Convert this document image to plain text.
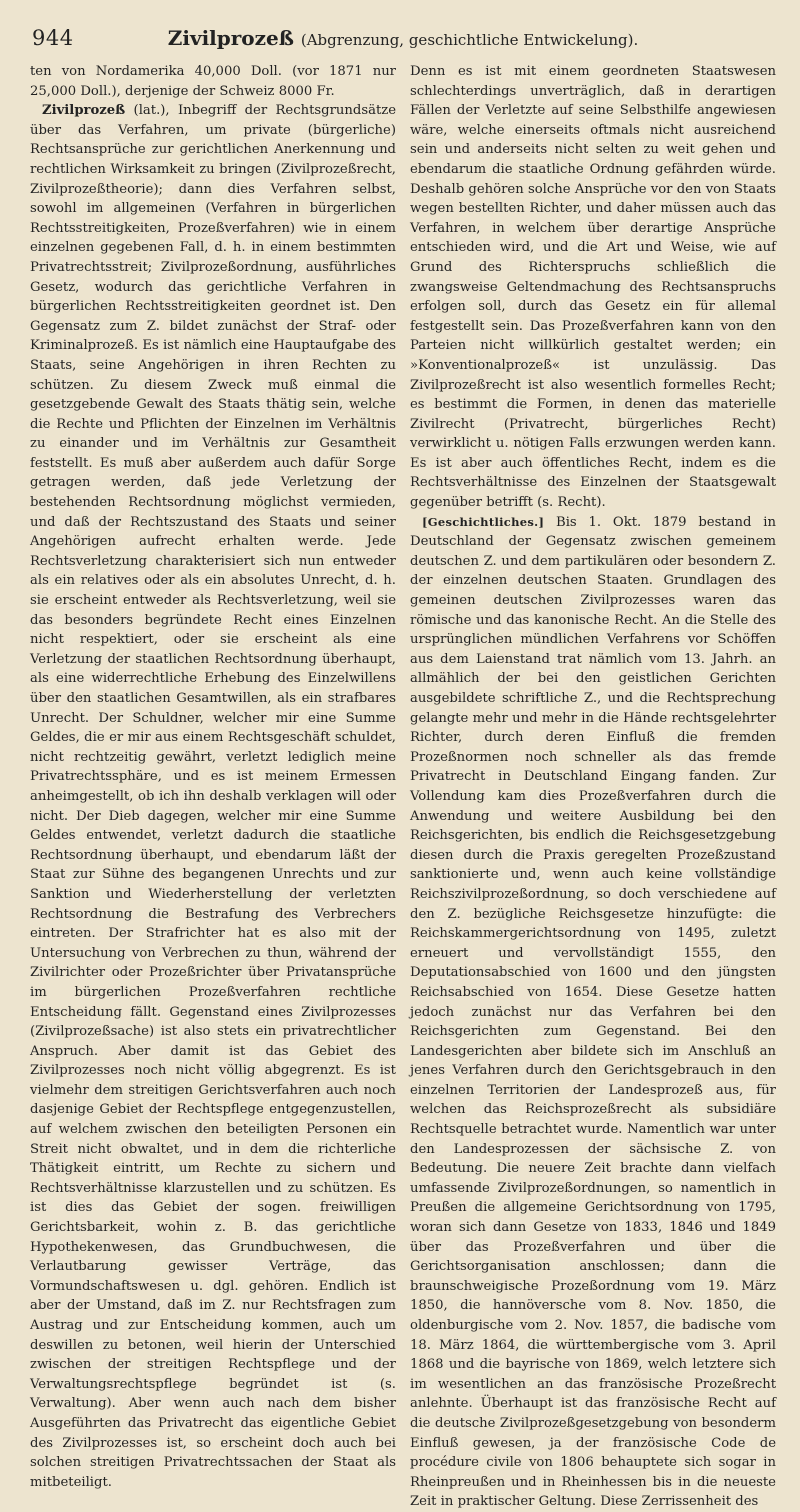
944	Zivilprozeß (Abgrenzung, geschichtliche Entwickelung).

ten von Nordamerika 40,000 Doll. (vor 1871 nur 25,000 Doll.), derjenige der Schweiz 8000 Fr.

Zivilprozeß (lat.), Inbegriff der Rechtsgrundsätze über das Verfahren, um private (bürgerliche) Rechtsansprüche zur gerichtlichen Anerkennung und rechtlichen Wirksamkeit zu bringen (Zivilprozeßrecht, Zivilprozeßtheorie); dann dies Verfahren selbst, sowohl im allgemeinen (Verfahren in bürgerlichen Rechtsstreitigkeiten, Prozeßverfahren) wie in einem einzelnen gegebenen Fall, d. h. in einem bestimmten Privatrechtsstreit; Zivilprozeßordnung, ausführliches Gesetz, wodurch das gerichtliche Verfahren in bürgerlichen Rechtsstreitigkeiten geordnet ist. Den Gegensatz zum Z. bildet zunächst der Straf- oder Kriminalprozeß. Es ist nämlich eine Hauptaufgabe des Staats, seine Angehörigen in ihren Rechten zu schützen. Zu diesem Zweck muß einmal die gesetzgebende Gewalt des Staats thätig sein, welche die Rechte und Pflichten der Einzelnen im Verhältnis zu einander und im Verhältnis zur Gesamtheit feststellt. Es muß aber außerdem auch dafür Sorge getragen werden, daß jede Verletzung der bestehenden Rechtsordnung möglichst vermieden, und daß der Rechtszustand des Staats und seiner Angehörigen aufrecht erhalten werde. Jede Rechtsverletzung charakterisiert sich nun entweder als ein relatives oder als ein absolutes Unrecht, d. h. sie erscheint entweder als Rechtsverletzung, weil sie das besonders begründete Recht eines Einzelnen nicht respektiert, oder sie erscheint als eine Verletzung der staatlichen Rechtsordnung überhaupt, als eine widerrechtliche Erhebung des Einzelwillens über den staatlichen Gesamtwillen, als ein strafbares Unrecht. Der Schuldner, welcher mir eine Summe Geldes, die er mir aus einem Rechtsgeschäft schuldet, nicht rechtzeitig gewährt, verletzt lediglich meine Privatrechtssphäre, und es ist meinem Ermessen anheimgestellt, ob ich ihn deshalb verklagen will oder nicht. Der Dieb dagegen, welcher mir eine Summe Geldes entwendet, verletzt dadurch die staatliche Rechtsordnung überhaupt, und ebendarum läßt der Staat zur Sühne des begangenen Unrechts und zur Sanktion und Wiederherstellung der verletzten Rechtsordnung die Bestrafung des Verbrechers eintreten. Der Strafrichter hat es also mit der Untersuchung von Verbrechen zu thun, während der Zivilrichter oder Prozeßrichter über Privatansprüche im bürgerlichen Prozeßverfahren rechtliche Entscheidung fällt. Gegenstand eines Zivilprozesses (Zivilprozeßsache) ist also stets ein privatrechtlicher Anspruch. Aber damit ist das Gebiet des Zivilprozesses noch nicht völlig abgegrenzt. Es ist vielmehr dem streitigen Gerichtsverfahren auch noch dasjenige Gebiet der Rechtspflege entgegenzustellen, auf welchem zwischen den beteiligten Personen ein Streit nicht obwaltet, und in dem die richterliche Thätigkeit eintritt, um Rechte zu sichern und Rechtsverhältnisse klarzustellen und zu schützen. Es ist dies das Gebiet der sogen. freiwilligen Gerichtsbarkeit, wohin z. B. das gerichtliche Hypothekenwesen, das Grundbuchwesen, die Verlautbarung gewisser Verträge, das Vormundschaftswesen u. dgl. gehören. Endlich ist aber der Umstand, daß im Z. nur Rechtsfragen zum Austrag und zur Entscheidung kommen, auch um deswillen zu betonen, weil hierin der Unterschied zwischen der streitigen Rechtspflege und der Verwaltungsrechtspflege begründet ist (s. Verwaltung). Aber wenn auch nach dem bisher Ausgeführten das Privatrecht das eigentliche Gebiet des Zivilprozesses ist, so erscheint doch auch bei solchen streitigen Privatrechtssachen der Staat als mitbeteiligt.

Denn es ist mit einem geordneten Staatswesen schlechterdings unverträglich, daß in derartigen Fällen der Verletzte auf seine Selbsthilfe angewiesen wäre, welche einerseits oftmals nicht ausreichend sein und anderseits nicht selten zu weit gehen und ebendarum die staatliche Ordnung gefährden würde. Deshalb gehören solche Ansprüche vor den von Staats wegen bestellten Richter, und daher müssen auch das Verfahren, in welchem über derartige Ansprüche entschieden wird, und die Art und Weise, wie auf Grund des Richterspruchs schließlich die zwangsweise Geltendmachung des Rechtsanspruchs erfolgen soll, durch das Gesetz ein für allemal festgestellt sein. Das Prozeßverfahren kann von den Parteien nicht willkürlich gestaltet werden; ein »Konventionalprozeß« ist unzulässig. Das Zivilprozeßrecht ist also wesentlich formelles Recht; es bestimmt die Formen, in denen das materielle Zivilrecht (Privatrecht, bürgerliches Recht) verwirklicht u. nötigen Falls erzwungen werden kann. Es ist aber auch öffentliches Recht, indem es die Rechtsverhältnisse des Einzelnen der Staatsgewalt gegenüber betrifft (s. Recht).

[Geschichtliches.] Bis 1. Okt. 1879 bestand in Deutschland der Gegensatz zwischen gemeinem deutschen Z. und dem partikulären oder besondern Z. der einzelnen deutschen Staaten. Grundlagen des gemeinen deutschen Zivilprozesses waren das römische und das kanonische Recht. An die Stelle des ursprünglichen mündlichen Verfahrens vor Schöffen aus dem Laienstand trat nämlich vom 13. Jahrh. an allmählich der bei den geistlichen Gerichten ausgebildete schriftliche Z., und die Rechtsprechung gelangte mehr und mehr in die Hände rechtsgelehrter Richter, durch deren Einfluß die fremden Prozeßnormen noch schneller als das fremde Privatrecht in Deutschland Eingang fanden. Zur Vollendung kam dies Prozeßverfahren durch die Anwendung und weitere Ausbildung bei den Reichsgerichten, bis endlich die Reichsgesetzgebung diesen durch die Praxis geregelten Prozeßzustand sanktionierte und, wenn auch keine vollständige Reichszivilprozeßordnung, so doch verschiedene auf den Z. bezügliche Reichsgesetze hinzufügte: die Reichskammergerichtsordnung von 1495, zuletzt erneuert und vervollständigt 1555, den Deputationsabschied von 1600 und den jüngsten Reichsabschied von 1654. Diese Gesetze hatten jedoch zunächst nur das Verfahren bei den Reichsgerichten zum Gegenstand. Bei den Landesgerichten aber bildete sich im Anschluß an jenes Verfahren durch den Gerichtsgebrauch in den einzelnen Territorien der Landesprozeß aus, für welchen das Reichsprozeßrecht als subsidiäre Rechtsquelle betrachtet wurde. Namentlich war unter den Landesprozessen der sächsische Z. von Bedeutung. Die neuere Zeit brachte dann vielfach umfassende Zivilprozeßordnungen, so namentlich in Preußen die allgemeine Gerichtsordnung von 1795, woran sich dann Gesetze von 1833, 1846 und 1849 über das Prozeßverfahren und über die Gerichtsorganisation anschlossen; dann die braunschweigische Prozeßordnung vom 19. März 1850, die hannöversche vom 8. Nov. 1850, die oldenburgische vom 2. Nov. 1857, die badische vom 18. März 1864, die württembergische vom 3. April 1868 und die bayrische von 1869, welch letztere sich im wesentlichen an das französische Prozeßrecht anlehnte. Überhaupt ist das französische Recht auf die deutsche Zivilprozeßgesetzgebung von besonderm Einfluß gewesen, ja der französische Code de procédure civile von 1806 behauptete sich sogar in Rheinpreußen und in Rheinhessen bis in die neueste Zeit in praktischer Geltung. Diese Zerrissenheit des
